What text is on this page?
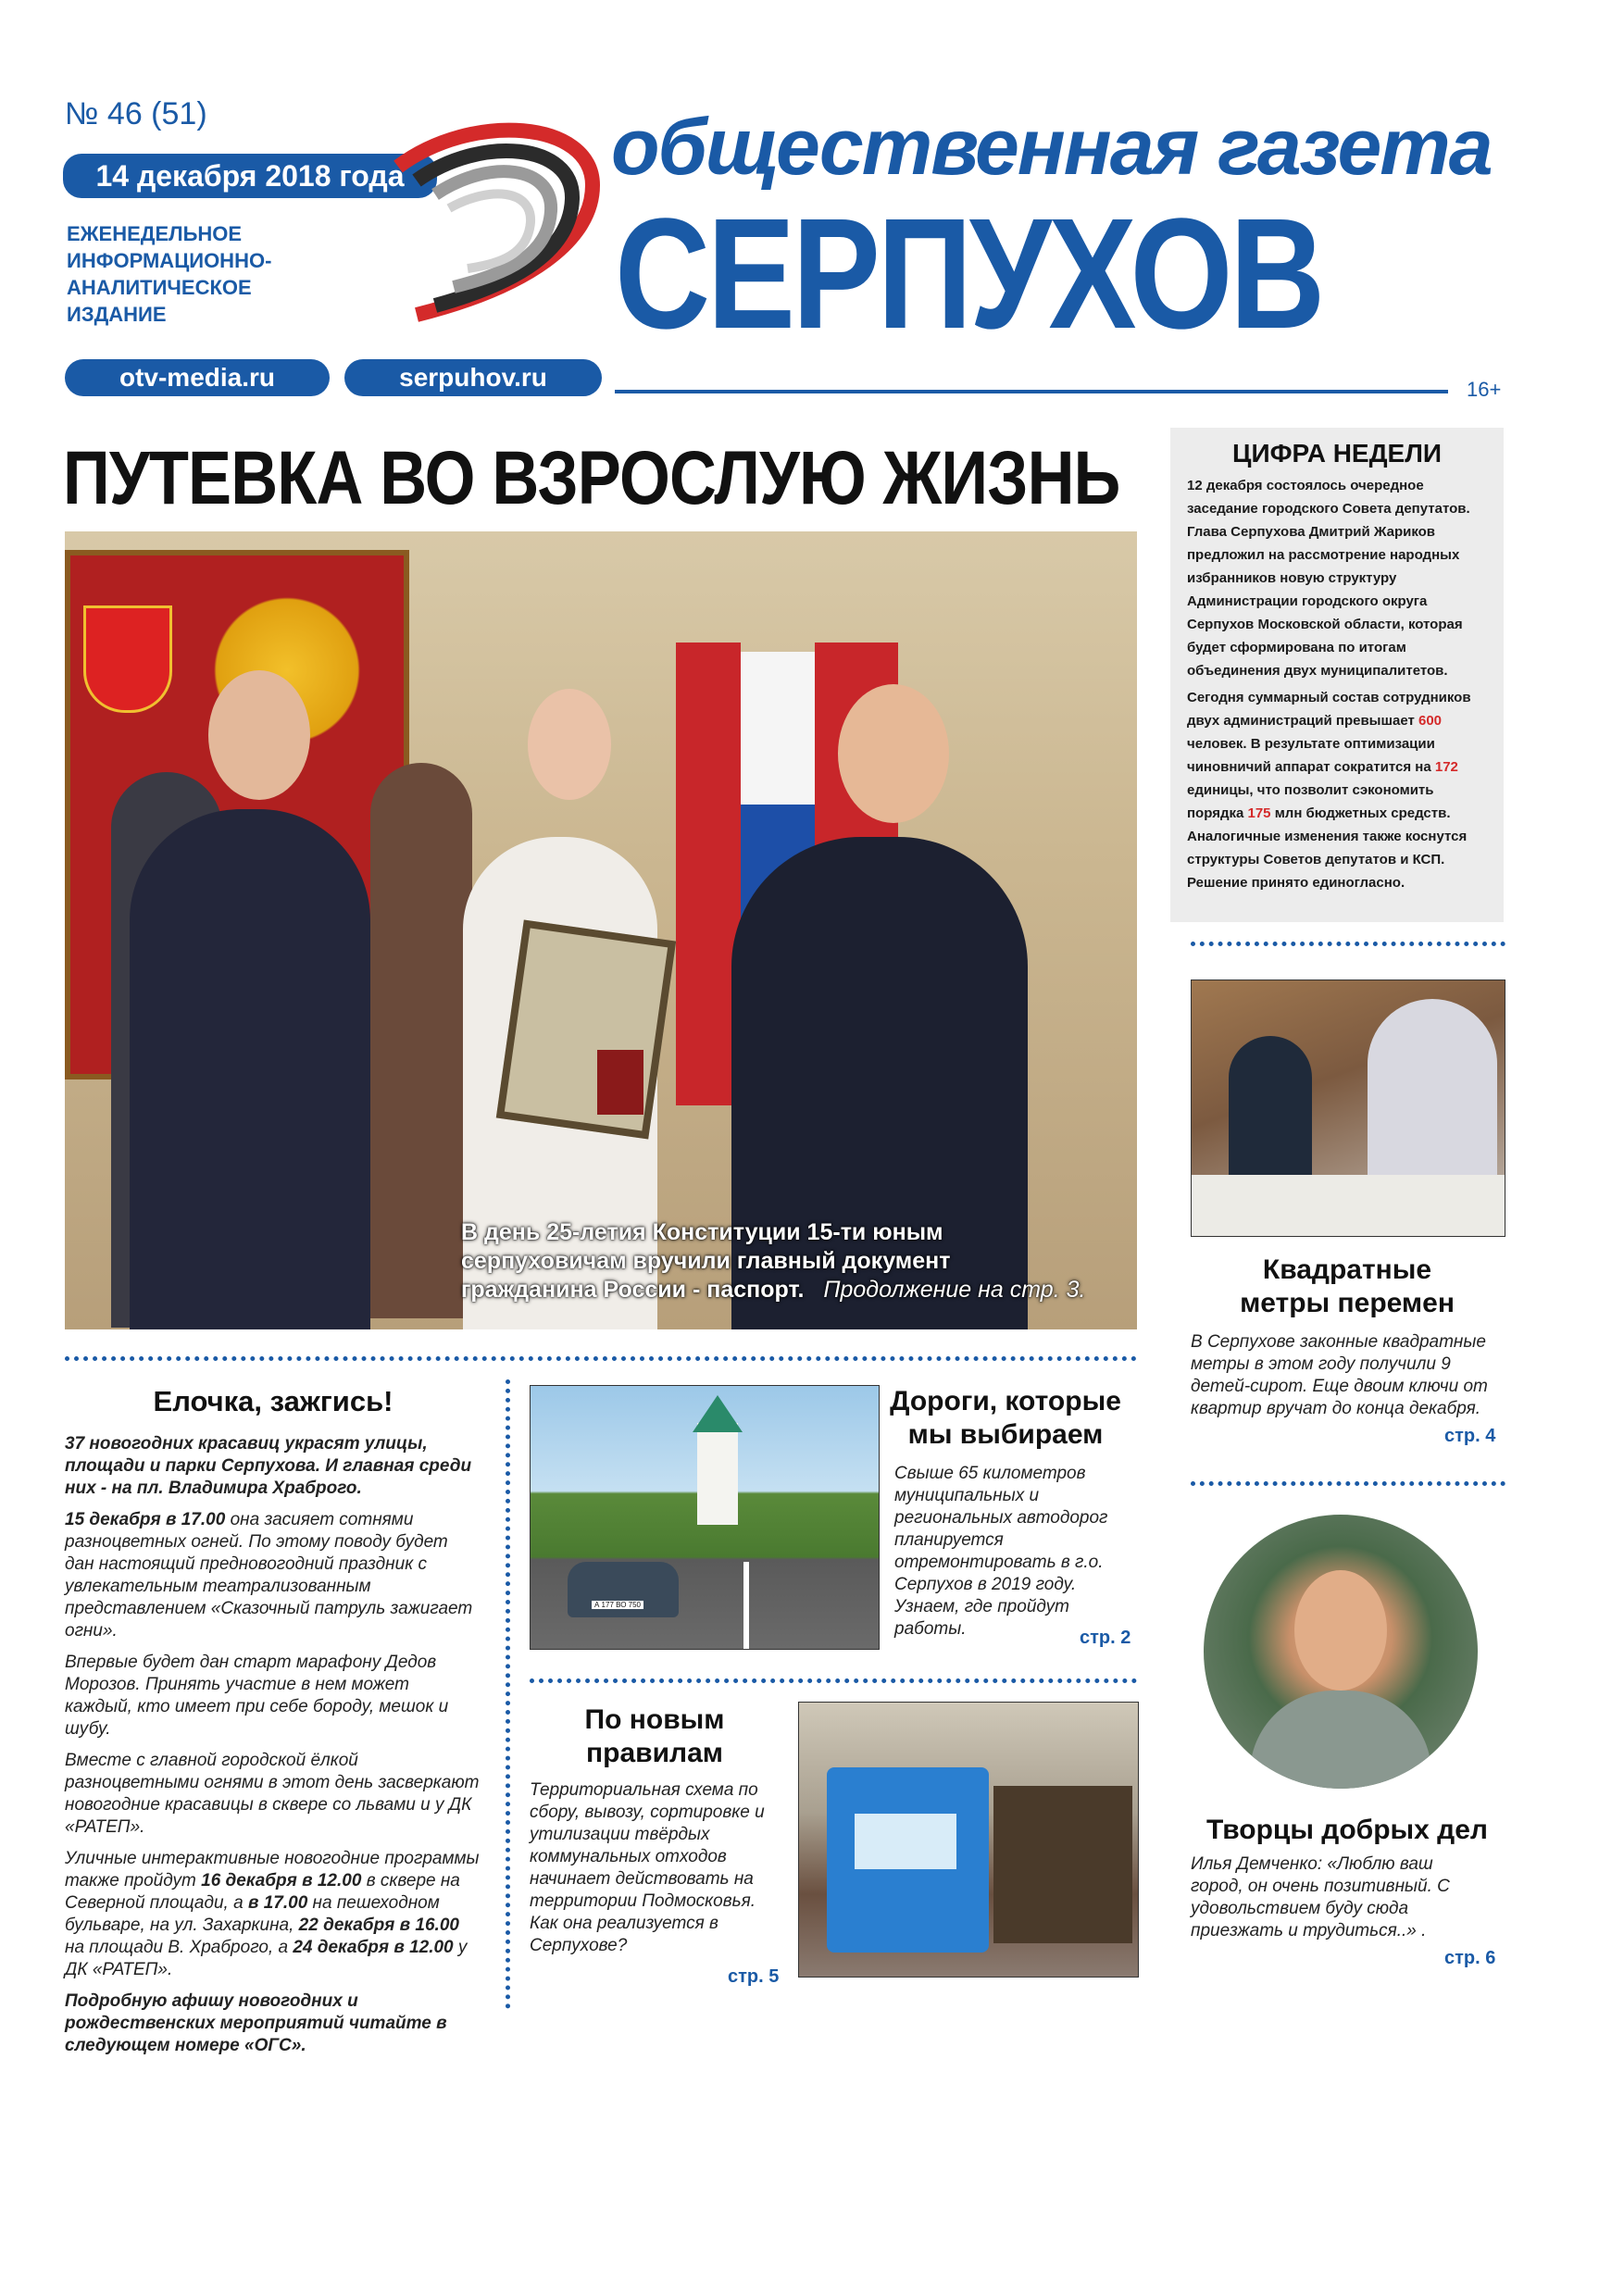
№ 46 (51)
14 декабря 2018 года
ЕЖЕНЕДЕЛЬНОЕ
ИНФОРМАЦИОННО-
АНАЛИТИЧЕСКОЕ
ИЗДАНИЕ
otv-media.ru	serpuhov.ru
общественная газета
СЕРПУХОВ
16+
ПУТЕВКА ВО ВЗРОСЛУЮ ЖИЗНЬ
В день 25-летия Конституции 15-ти юным
серпуховичам вручили главный документ
гражданина России - паспорт. Продолжение на стр. 3.
ЦИФРА НЕДЕЛИ
12 декабря состоялось очередное заседание городского Совета депутатов. Глава Серпухова Дмитрий Жариков предложил на рассмотрение народных избранников новую структуру Администрации городского округа Серпухов Московской области, которая будет сформирована по итогам объединения двух муниципалитетов.
Сегодня суммарный состав сотрудников двух администраций превышает 600 человек. В результате оптимизации чиновничий аппарат сократится на 172 единицы, что позволит сэкономить порядка 175 млн бюджетных средств. Аналогичные изменения также коснутся структуры Советов депутатов и КСП. Решение принято единогласно.
Квадратные
метры перемен
В Серпухове законные квадратные метры в этом году получили 9 детей-сирот. Еще двоим ключи от квартир вручат до конца декабря.
стр. 4
Творцы добрых дел
Илья Демченко: «Люблю ваш город, он очень позитивный. С удовольствием буду сюда приезжать и трудиться..» .
стр. 6
Елочка, зажгись!

37 новогодних красавиц украсят улицы, площади и парки Серпухова. И главная среди них - на пл. Владимира Храброго.

15 декабря в 17.00 она засияет сотнями разноцветных огней. По этому поводу будет дан настоящий предновогодний праздник с увлекательным театрализованным представлением «Сказочный патруль зажигает огни».

Впервые будет дан старт марафону Дедов Морозов. Принять участие в нем может каждый, кто имеет при себе бороду, мешок и шубу.

Вместе с главной городской ёлкой разноцветными огнями в этот день засверкают новогодние красавицы в сквере со львами и у ДК «РАТЕП».

Уличные интерактивные новогодние программы также пройдут 16 декабря в 12.00 в сквере на Северной площади, а в 17.00 на пешеходном бульваре, на ул. Захаркина, 22 декабря в 16.00 на площади В. Храброго, а 24 декабря в 12.00 у ДК «РАТЕП».

Подробную афишу новогодних и рождественских мероприятий читайте в следующем номере «ОГС».

А 177 ВО 750
Дороги, которые
мы выбираем
Свыше 65 километров муниципальных и региональных автодорог планируется отремонтировать в г.о. Серпухов в 2019 году. Узнаем, где пройдут работы.	стр. 2
По новым
правилам
Территориальная схема по сбору, вывозу, сортировке и утилизации твёрдых коммунальных отходов начинает действовать на территории Подмосковья. Как она реализуется в Серпухове?
стр. 5
